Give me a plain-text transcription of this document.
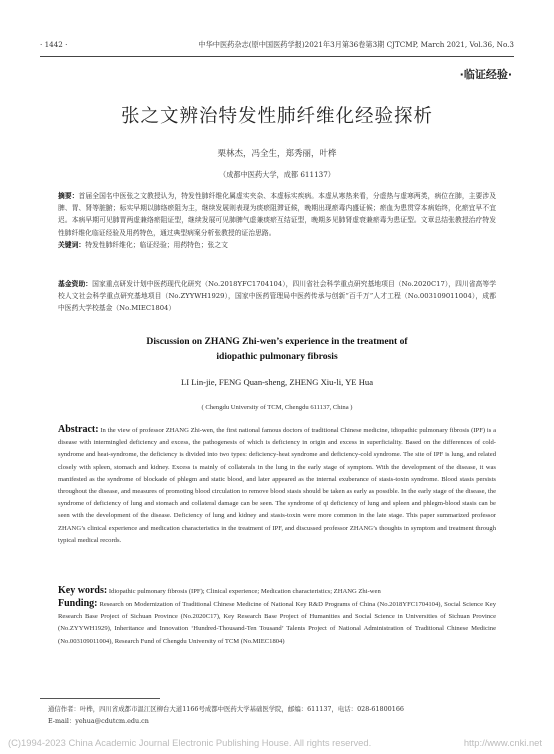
· 1442 ·	中华中医药杂志(原中国医药学报)2021年3月第36卷第3期 CJTCMP, March 2021, Vol.36, No.3
·临证经验·
张之文辨治特发性肺纤维化经验探析
栗林杰，冯全生，郑秀丽，叶桦
（成都中医药大学，成都 611137）

摘要：首届全国名中医张之文教授认为，特发性肺纤维化属虚实夹杂、本虚标实疾病。本虚从寒热来看，分虚热与虚寒两类，病位在肺，主要涉及脾、胃、肾等脏腑；标实早期以肺络瘀阻为主，继续发展则表现为痰瘀阻滞证候，晚期出现瘀毒内盛证候；瘀血为患贯穿本病始终，化瘀宜早不宜迟。本病早期可见肺胃两虚兼络瘀阻证型，继续发展可见肺脾气虚兼痰瘀互结证型，晚期多见肺肾虚衰兼瘀毒为患证型。文章总结张教授治疗特发性肺纤维化临证经验及用药特色，通过典型病案分析张教授的证治思路。

关键词：特发性肺纤维化；临证经验；用药特色；张之文

基金资助：国家重点研发计划中医药现代化研究（No.2018YFC1704104），四川省社会科学重点研究基地项目（No.2020C17），四川省高等学校人文社会科学重点研究基地项目（No.ZYYWH1929），国家中医药管理局中医药传承与创新“百千万”人才工程（No.003109011004），成都中医药大学校基金（No.MIEC1804）
Discussion on ZHANG Zhi-wen’s experience in the treatment of
idiopathic pulmonary fibrosis
LI Lin-jie, FENG Quan-sheng, ZHENG Xiu-li, YE Hua
( Chengdu University of TCM, Chengdu 611137, China )
Abstract: In the view of professor ZHANG Zhi-wen, the first national famous doctors of traditional Chinese medicine, idiopathic pulmonary fibrosis (IPF) is a disease with intermingled deficiency and excess, the pathogenesis of which is deficiency in origin and excess in superficiality. Based on the differences of cold-syndrome and heat-syndrome, the deficiency is divided into two types: deficiency-heat syndrome and deficiency-cold syndrome. The site of IPF is lung, and related closely with spleen, stomach and kidney. Excess is mainly of collaterals in the lung in the early stage of symptom. With the development of the disease, it was manifested as the syndrome of blockade of phlegm and static blood, and later appeared as the internal exuberance of stasis-toxin syndrome. Blood stasis persists throughout the disease, and measures of promoting blood circulation to remove blood stasis should be taken as early as possible. In the early stage of the disease, the syndrome of deficiency of lung and stomach and collateral damage can be seen. The syndrome of qi deficiency of lung and spleen and phlegm-blood stasis can be seen with the development of the disease. Deficiency of lung and kidney and stasis-toxin were more common in the late stage. This paper summarized professor ZHANG’s clinical experience and medication characteristics in the treatment of IPF, and discussed professor ZHANG’s thoughts in symptom and treatment through typical medical records.
Key words: Idiopathic pulmonary fibrosis (IPF); Clinical experience; Medication characteristics; ZHANG Zhi-wen
Funding: Research on Modernization of Traditional Chinese Medicine of National Key R&D Programs of China (No.2018YFC1704104), Social Science Key Research Base Project of Sichuan Province (No.2020C17), Key Research Base Project of Humanities and Social Science in Universities of Sichuan Province (No.ZYYWH1929), Inheritance and Innovation ‘Hundred-Thousand-Ten Tousand’ Talents Project of National Administration of Traditional Chinese Medicine (No.003109011004), Research Fund of Chengdu University of TCM (No.MIEC1804)
通信作者：叶桦，四川省成都市温江区柳台大道1166号成都中医药大学基础医学院，邮编：611137，电话：028-61800166
E-mail：yehua@cdutcm.edu.cn
(C)1994-2023 China Academic Journal Electronic Publishing House. All rights reserved.	http://www.cnki.net
